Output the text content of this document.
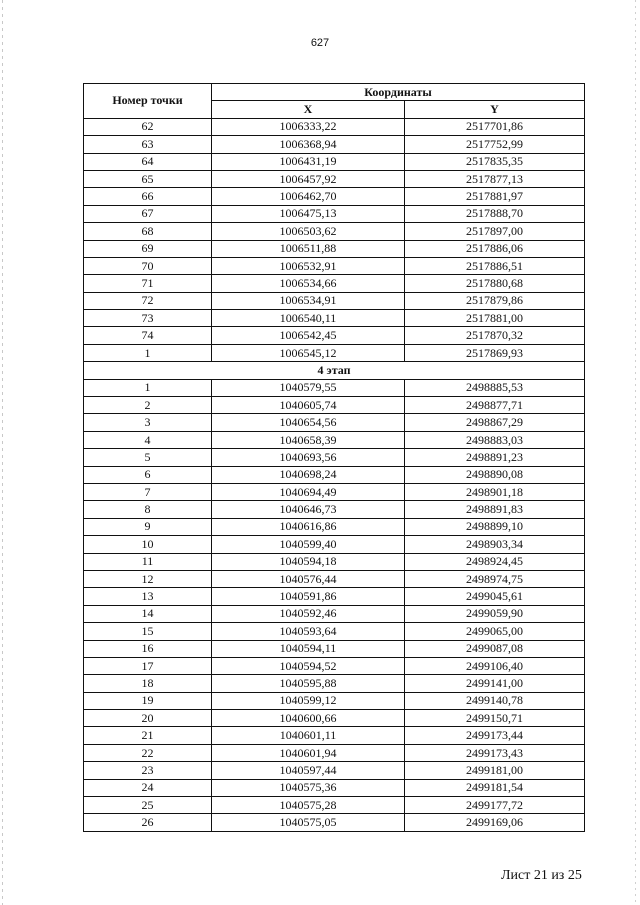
627
Номер точки	Координаты	
	X	Y
62	1006333,22	2517701,86
63	1006368,94	2517752,99
64	1006431,19	2517835,35
65	1006457,92	2517877,13
66	1006462,70	2517881,97
67	1006475,13	2517888,70
68	1006503,62	2517897,00
69	1006511,88	2517886,06
70	1006532,91	2517886,51
71	1006534,66	2517880,68
72	1006534,91	2517879,86
73	1006540,11	2517881,00
74	1006542,45	2517870,32
1	1006545,12	2517869,93
4 этап		
1	1040579,55	2498885,53
2	1040605,74	2498877,71
3	1040654,56	2498867,29
4	1040658,39	2498883,03
5	1040693,56	2498891,23
6	1040698,24	2498890,08
7	1040694,49	2498901,18
8	1040646,73	2498891,83
9	1040616,86	2498899,10
10	1040599,40	2498903,34
11	1040594,18	2498924,45
12	1040576,44	2498974,75
13	1040591,86	2499045,61
14	1040592,46	2499059,90
15	1040593,64	2499065,00
16	1040594,11	2499087,08
17	1040594,52	2499106,40
18	1040595,88	2499141,00
19	1040599,12	2499140,78
20	1040600,66	2499150,71
21	1040601,11	2499173,44
22	1040601,94	2499173,43
23	1040597,44	2499181,00
24	1040575,36	2499181,54
25	1040575,28	2499177,72
26	1040575,05	2499169,06
Лист 21 из 25
